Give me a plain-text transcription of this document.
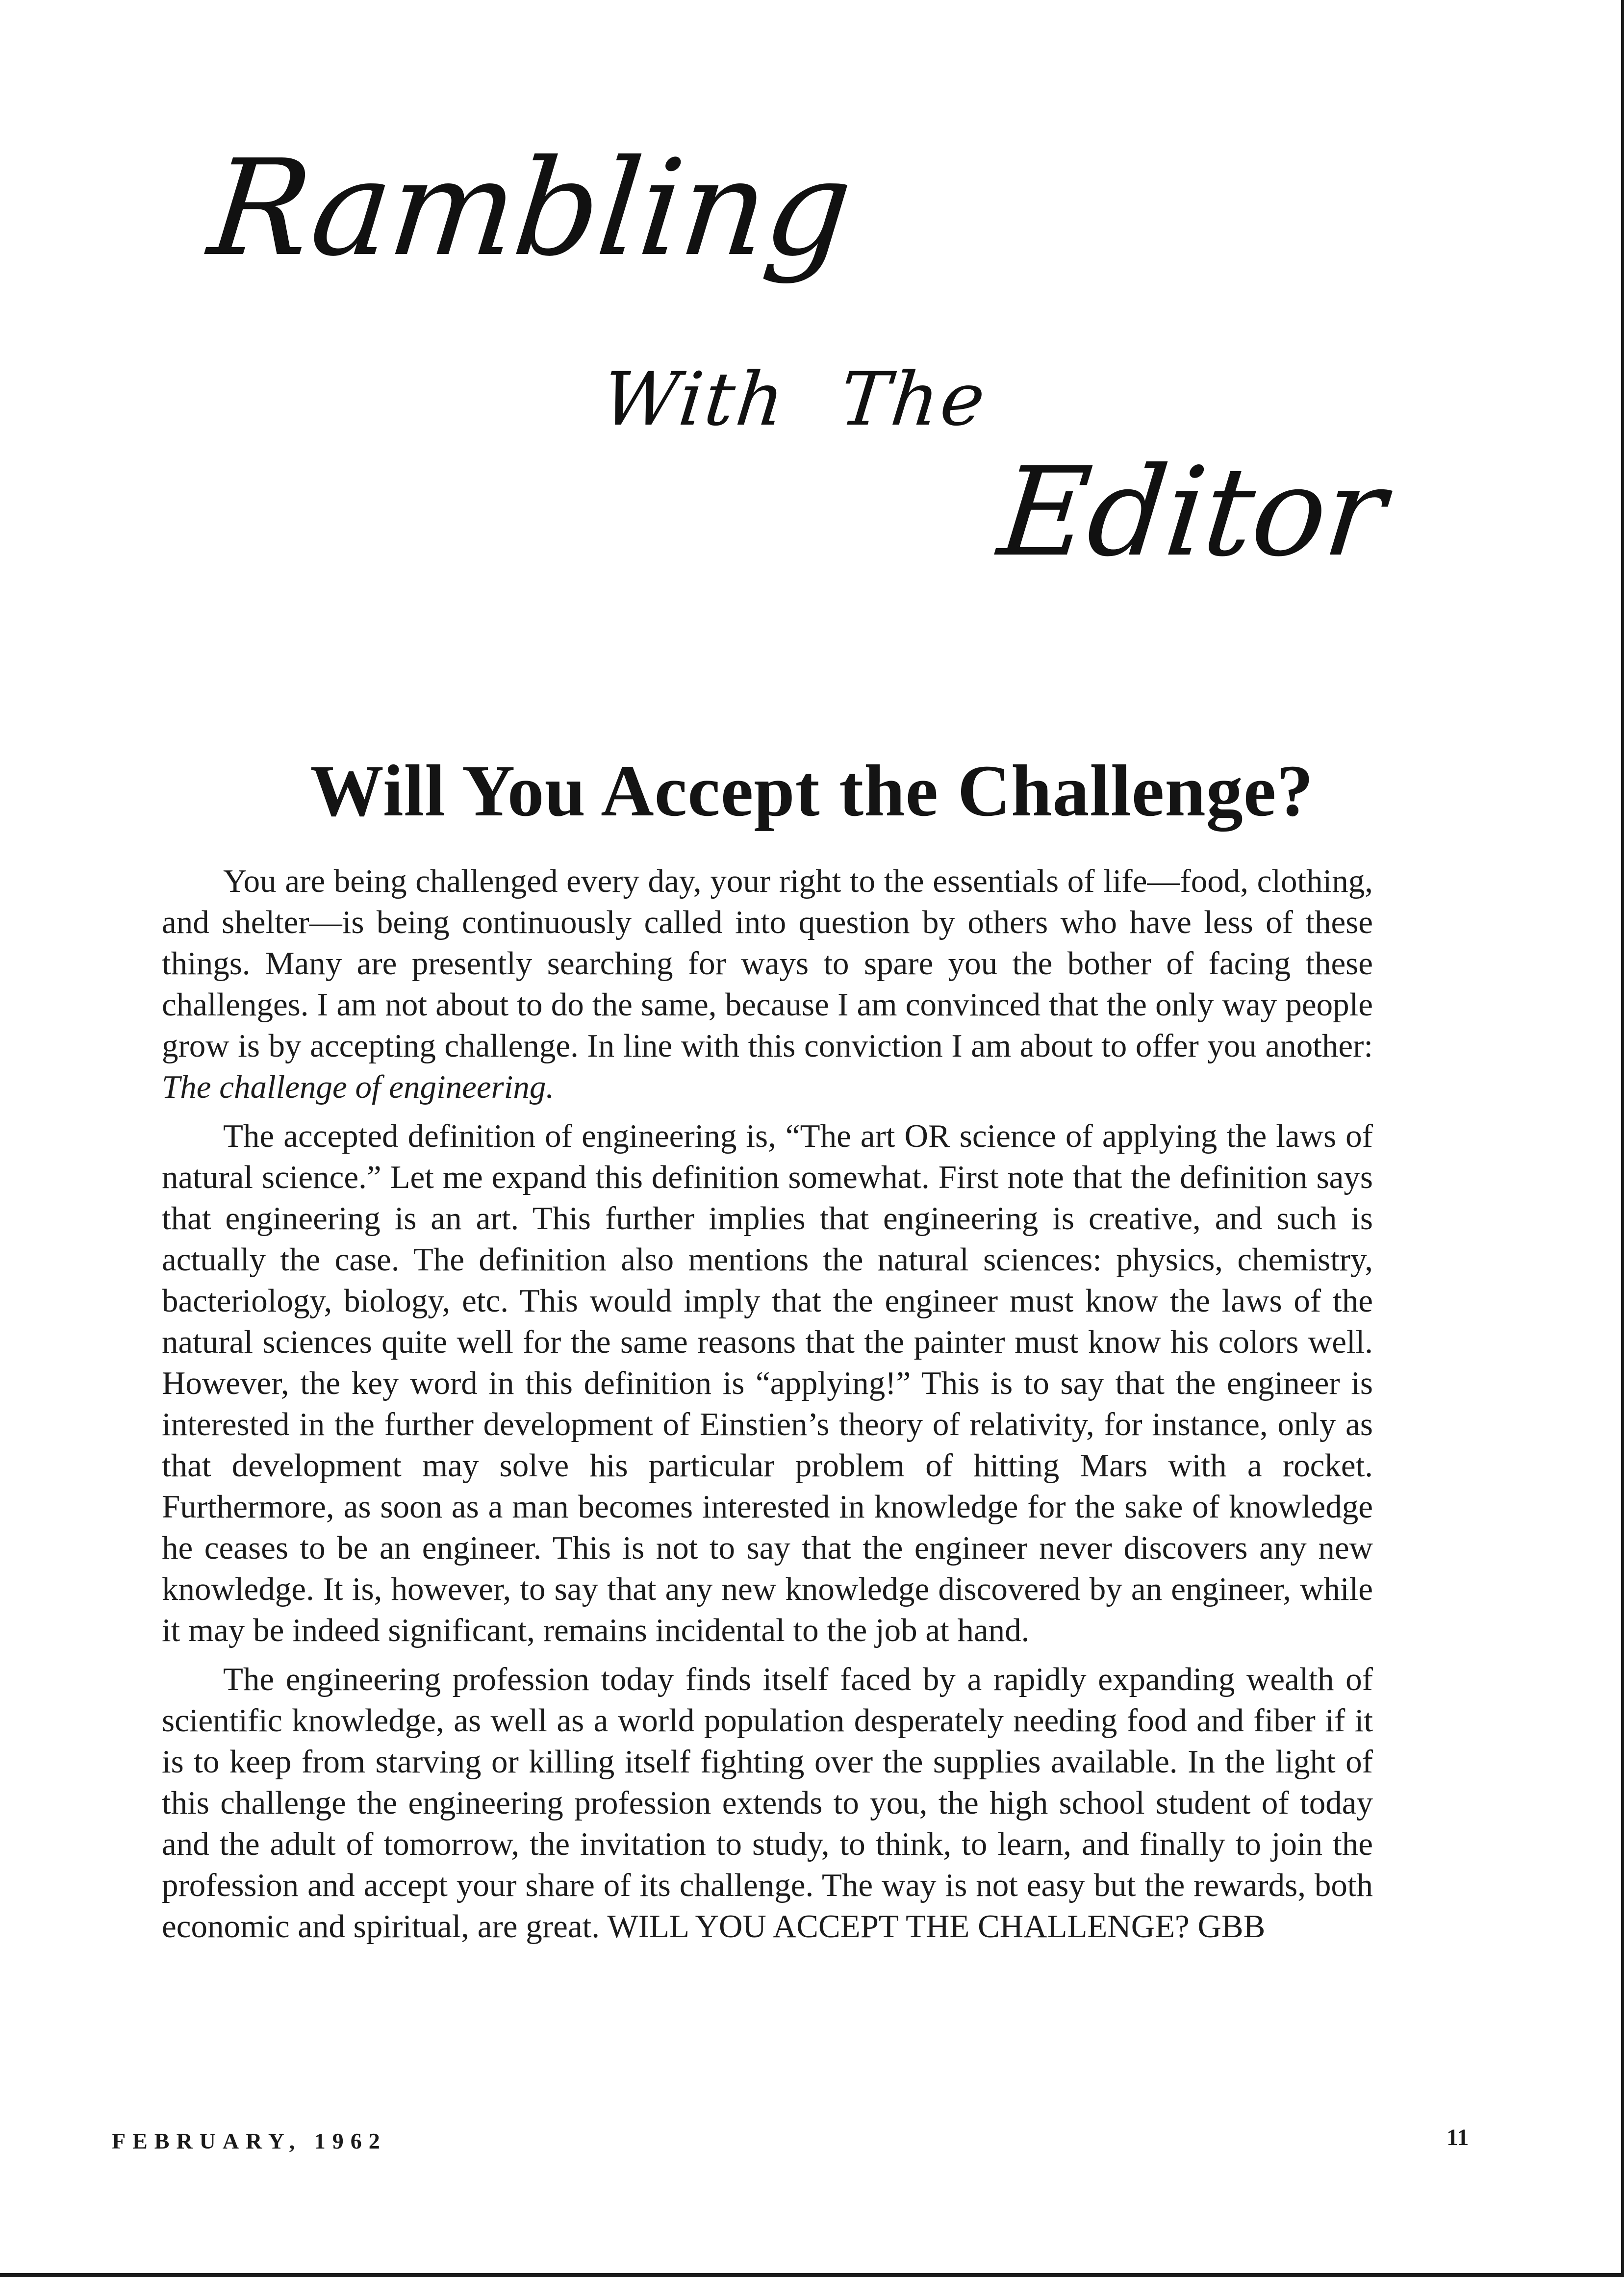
Rambling
With The
Editor
Will You Accept the Challenge?

You are being challenged every day, your right to the essentials of life—food, clothing, and shelter—is being continuously called into question by others who have less of these things. Many are presently searching for ways to spare you the bother of facing these challenges. I am not about to do the same, because I am convinced that the only way people grow is by accepting challenge. In line with this conviction I am about to offer you another: The challenge of engineering.

The accepted definition of engineering is, “The art OR science of applying the laws of natural science.” Let me expand this definition somewhat. First note that the definition says that engineering is an art. This further implies that engineering is creative, and such is actually the case. The definition also mentions the natural sciences: physics, chemistry, bacteriology, biology, etc. This would imply that the engineer must know the laws of the natural sciences quite well for the same reasons that the painter must know his colors well. However, the key word in this definition is “applying!” This is to say that the engineer is interested in the further development of Einstien’s theory of relativity, for instance, only as that development may solve his particular problem of hitting Mars with a rocket. Furthermore, as soon as a man becomes interested in knowledge for the sake of knowledge he ceases to be an engineer. This is not to say that the engineer never discovers any new knowledge. It is, however, to say that any new knowledge discovered by an engineer, while it may be indeed significant, remains incidental to the job at hand.

The engineering profession today finds itself faced by a rapidly expanding wealth of scientific knowledge, as well as a world population desperately needing food and fiber if it is to keep from starving or killing itself fighting over the supplies available. In the light of this challenge the engineering profession extends to you, the high school student of today and the adult of tomorrow, the invitation to study, to think, to learn, and finally to join the profession and accept your share of its challenge. The way is not easy but the rewards, both economic and spiritual, are great. WILL YOU ACCEPT THE CHALLENGE? GBB

FEBRUARY, 1962	11
